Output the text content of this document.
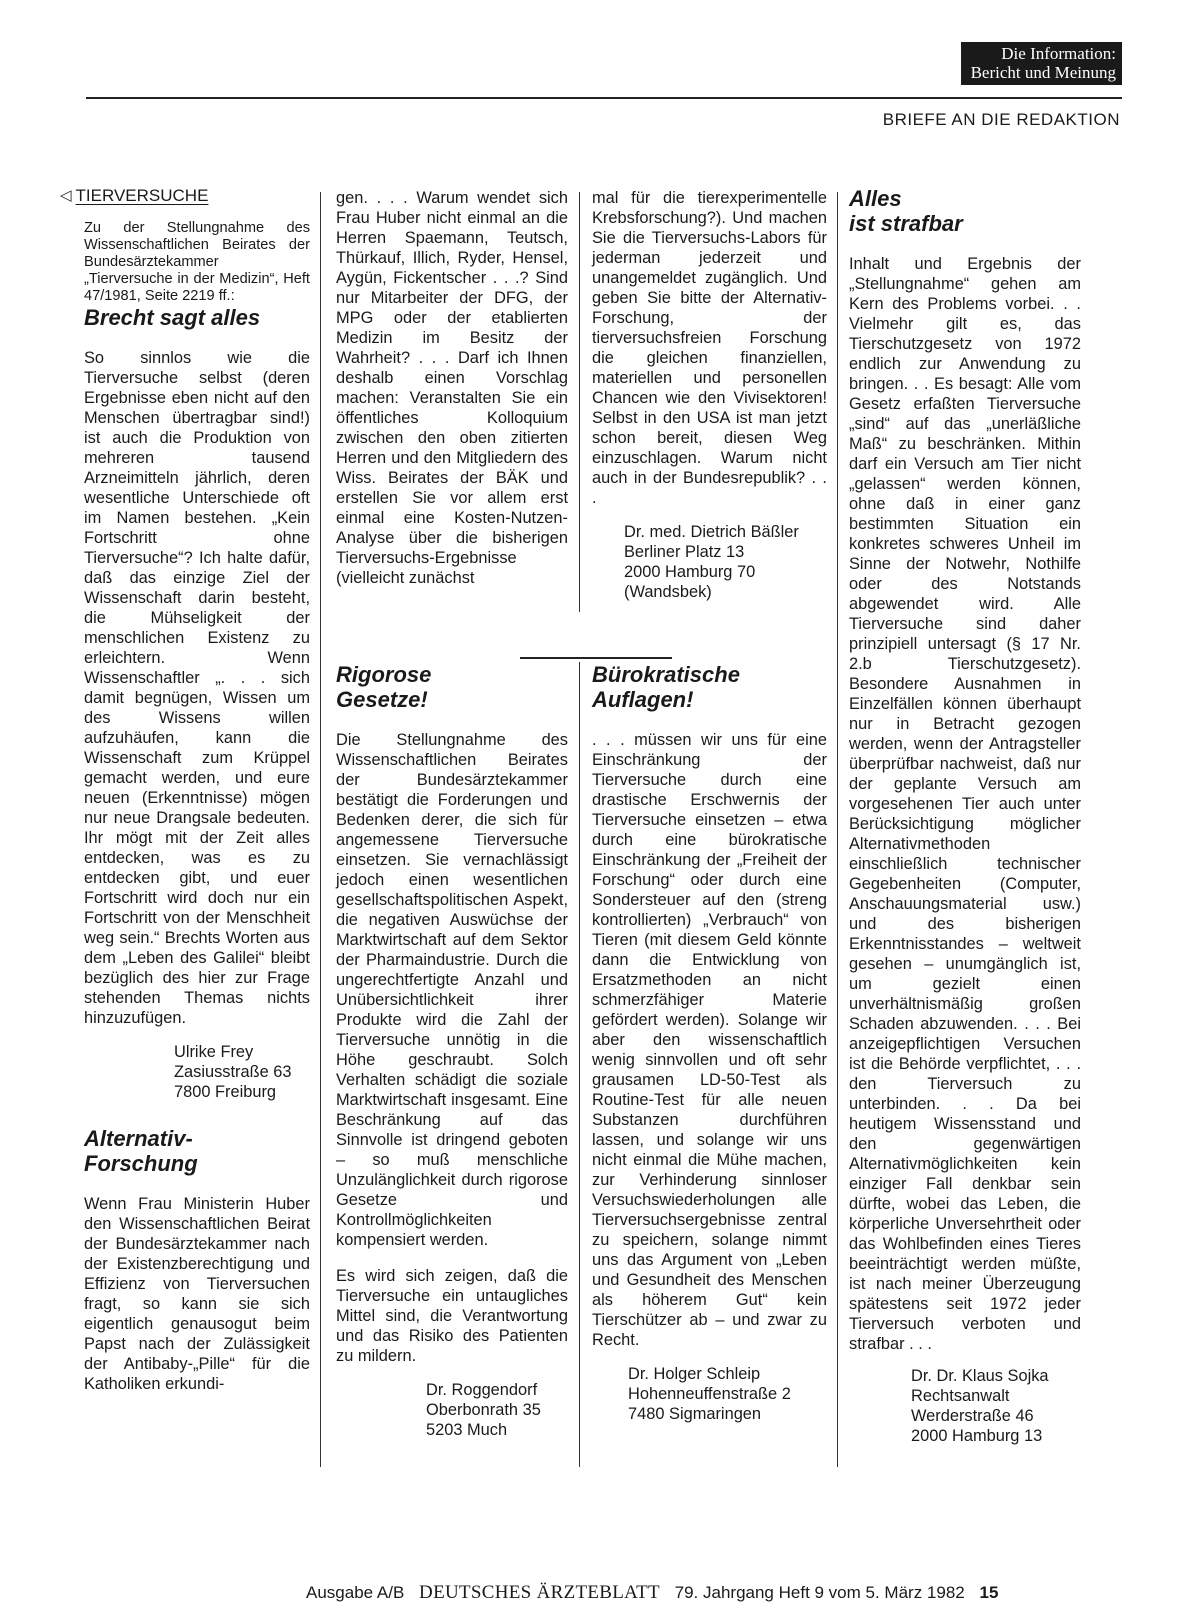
Die Information:
Bericht und Meinung
BRIEFE AN DIE REDAKTION
◁ TIERVERSUCHE

Zu der Stellungnahme des Wissenschaftlichen Beirates der Bundesärztekammer „Tierversuche in der Medizin“, Heft 47/1981, Seite 2219 ff.:

Brecht sagt alles

So sinnlos wie die Tierversuche selbst (deren Ergebnisse eben nicht auf den Menschen übertragbar sind!) ist auch die Produktion von mehreren tausend Arzneimitteln jährlich, deren wesentliche Unterschiede oft im Namen bestehen. „Kein Fortschritt ohne Tierversuche“? Ich halte dafür, daß das einzige Ziel der Wissenschaft darin besteht, die Mühseligkeit der menschlichen Existenz zu erleichtern. Wenn Wissenschaftler „. . . sich damit begnügen, Wissen um des Wissens willen aufzuhäufen, kann die Wissenschaft zum Krüppel gemacht werden, und eure neuen (Erkenntnisse) mögen nur neue Drangsale bedeuten. Ihr mögt mit der Zeit alles entdecken, was es zu entdecken gibt, und euer Fortschritt wird doch nur ein Fortschritt von der Menschheit weg sein.“ Brechts Worten aus dem „Leben des Galilei“ bleibt bezüglich des hier zur Frage stehenden Themas nichts hinzuzufügen.

Ulrike Frey
Zasiusstraße 63
7800 Freiburg
Alternativ-
Forschung

Wenn Frau Ministerin Huber den Wissenschaftlichen Beirat der Bundesärztekammer nach der Existenzberechtigung und Effizienz von Tierversuchen fragt, so kann sie sich eigentlich genausogut beim Papst nach der Zulässigkeit der Antibaby-„Pille“ für die Katholiken erkundi-

gen. . . . Warum wendet sich Frau Huber nicht einmal an die Herren Spaemann, Teutsch, Thürkauf, Illich, Ryder, Hensel, Aygün, Fickentscher . . .? Sind nur Mitarbeiter der DFG, der MPG oder der etablierten Medizin im Besitz der Wahrheit? . . . Darf ich Ihnen deshalb einen Vorschlag machen: Veranstalten Sie ein öffentliches Kolloquium zwischen den oben zitierten Herren und den Mitgliedern des Wiss. Beirates der BÄK und erstellen Sie vor allem erst einmal eine Kosten-Nutzen-Analyse über die bisherigen Tierversuchs-Ergebnisse (vielleicht zunächst

mal für die tierexperimentelle Krebsforschung?). Und machen Sie die Tierversuchs-Labors für jederman jederzeit und unangemeldet zugänglich. Und geben Sie bitte der Alternativ-Forschung, der tierversuchsfreien Forschung die gleichen finanziellen, materiellen und personellen Chancen wie den Vivisektoren! Selbst in den USA ist man jetzt schon bereit, diesen Weg einzuschlagen. Warum nicht auch in der Bundesrepublik? . . .

Dr. med. Dietrich Bäßler
Berliner Platz 13
2000 Hamburg 70
(Wandsbek)
Rigorose
Gesetze!

Die Stellungnahme des Wissenschaftlichen Beirates der Bundesärztekammer bestätigt die Forderungen und Bedenken derer, die sich für angemessene Tierversuche einsetzen. Sie vernachlässigt jedoch einen wesentlichen gesellschaftspolitischen Aspekt, die negativen Auswüchse der Marktwirtschaft auf dem Sektor der Pharmaindustrie. Durch die ungerechtfertigte Anzahl und Unübersichtlichkeit ihrer Produkte wird die Zahl der Tierversuche unnötig in die Höhe geschraubt. Solch Verhalten schädigt die soziale Marktwirtschaft insgesamt. Eine Beschränkung auf das Sinnvolle ist dringend geboten – so muß menschliche Unzulänglichkeit durch rigorose Gesetze und Kontrollmöglichkeiten kompensiert werden.

Es wird sich zeigen, daß die Tierversuche ein untaugliches Mittel sind, die Verantwortung und das Risiko des Patienten zu mildern.

Dr. Roggendorf
Oberbonrath 35
5203 Much
Bürokratische
Auflagen!

. . . müssen wir uns für eine Einschränkung der Tierversuche durch eine drastische Erschwernis der Tierversuche einsetzen – etwa durch eine bürokratische Einschränkung der „Freiheit der Forschung“ oder durch eine Sondersteuer auf den (streng kontrollierten) „Verbrauch“ von Tieren (mit diesem Geld könnte dann die Entwicklung von Ersatzmethoden an nicht schmerzfähiger Materie gefördert werden). Solange wir aber den wissenschaftlich wenig sinnvollen und oft sehr grausamen LD-50-Test als Routine-Test für alle neuen Substanzen durchführen lassen, und solange wir uns nicht einmal die Mühe machen, zur Verhinderung sinnloser Versuchswiederholungen alle Tierversuchsergebnisse zentral zu speichern, solange nimmt uns das Argument von „Leben und Gesundheit des Menschen als höherem Gut“ kein Tierschützer ab – und zwar zu Recht.

Dr. Holger Schleip
Hohenneuffenstraße 2
7480 Sigmaringen
Alles
ist strafbar

Inhalt und Ergebnis der „Stellungnahme“ gehen am Kern des Problems vorbei. . . Vielmehr gilt es, das Tierschutzgesetz von 1972 endlich zur Anwendung zu bringen. . . Es besagt: Alle vom Gesetz erfaßten Tierversuche „sind“ auf das „unerläßliche Maß“ zu beschränken. Mithin darf ein Versuch am Tier nicht „gelassen“ werden können, ohne daß in einer ganz bestimmten Situation ein konkretes schweres Unheil im Sinne der Notwehr, Nothilfe oder des Notstands abgewendet wird. Alle Tierversuche sind daher prinzipiell untersagt (§ 17 Nr. 2.b Tierschutzgesetz). Besondere Ausnahmen in Einzelfällen können überhaupt nur in Betracht gezogen werden, wenn der Antragsteller überprüfbar nachweist, daß nur der geplante Versuch am vorgesehenen Tier auch unter Berücksichtigung möglicher Alternativmethoden einschließlich technischer Gegebenheiten (Computer, Anschauungsmaterial usw.) und des bisherigen Erkenntnisstandes – weltweit gesehen – unumgänglich ist, um gezielt einen unverhältnismäßig großen Schaden abzuwenden. . . . Bei anzeigepflichtigen Versuchen ist die Behörde verpflichtet, . . . den Tierversuch zu unterbinden. . . Da bei heutigem Wissensstand und den gegenwärtigen Alternativmöglichkeiten kein einziger Fall denkbar sein dürfte, wobei das Leben, die körperliche Unversehrtheit oder das Wohlbefinden eines Tieres beeinträchtigt werden müßte, ist nach meiner Überzeugung spätestens seit 1972 jeder Tierversuch verboten und strafbar . . .

Dr. Dr. Klaus Sojka
Rechtsanwalt
Werderstraße 46
2000 Hamburg 13
Ausgabe A/B DEUTSCHES ÄRZTEBLATT 79. Jahrgang Heft 9 vom 5. März 1982 15
